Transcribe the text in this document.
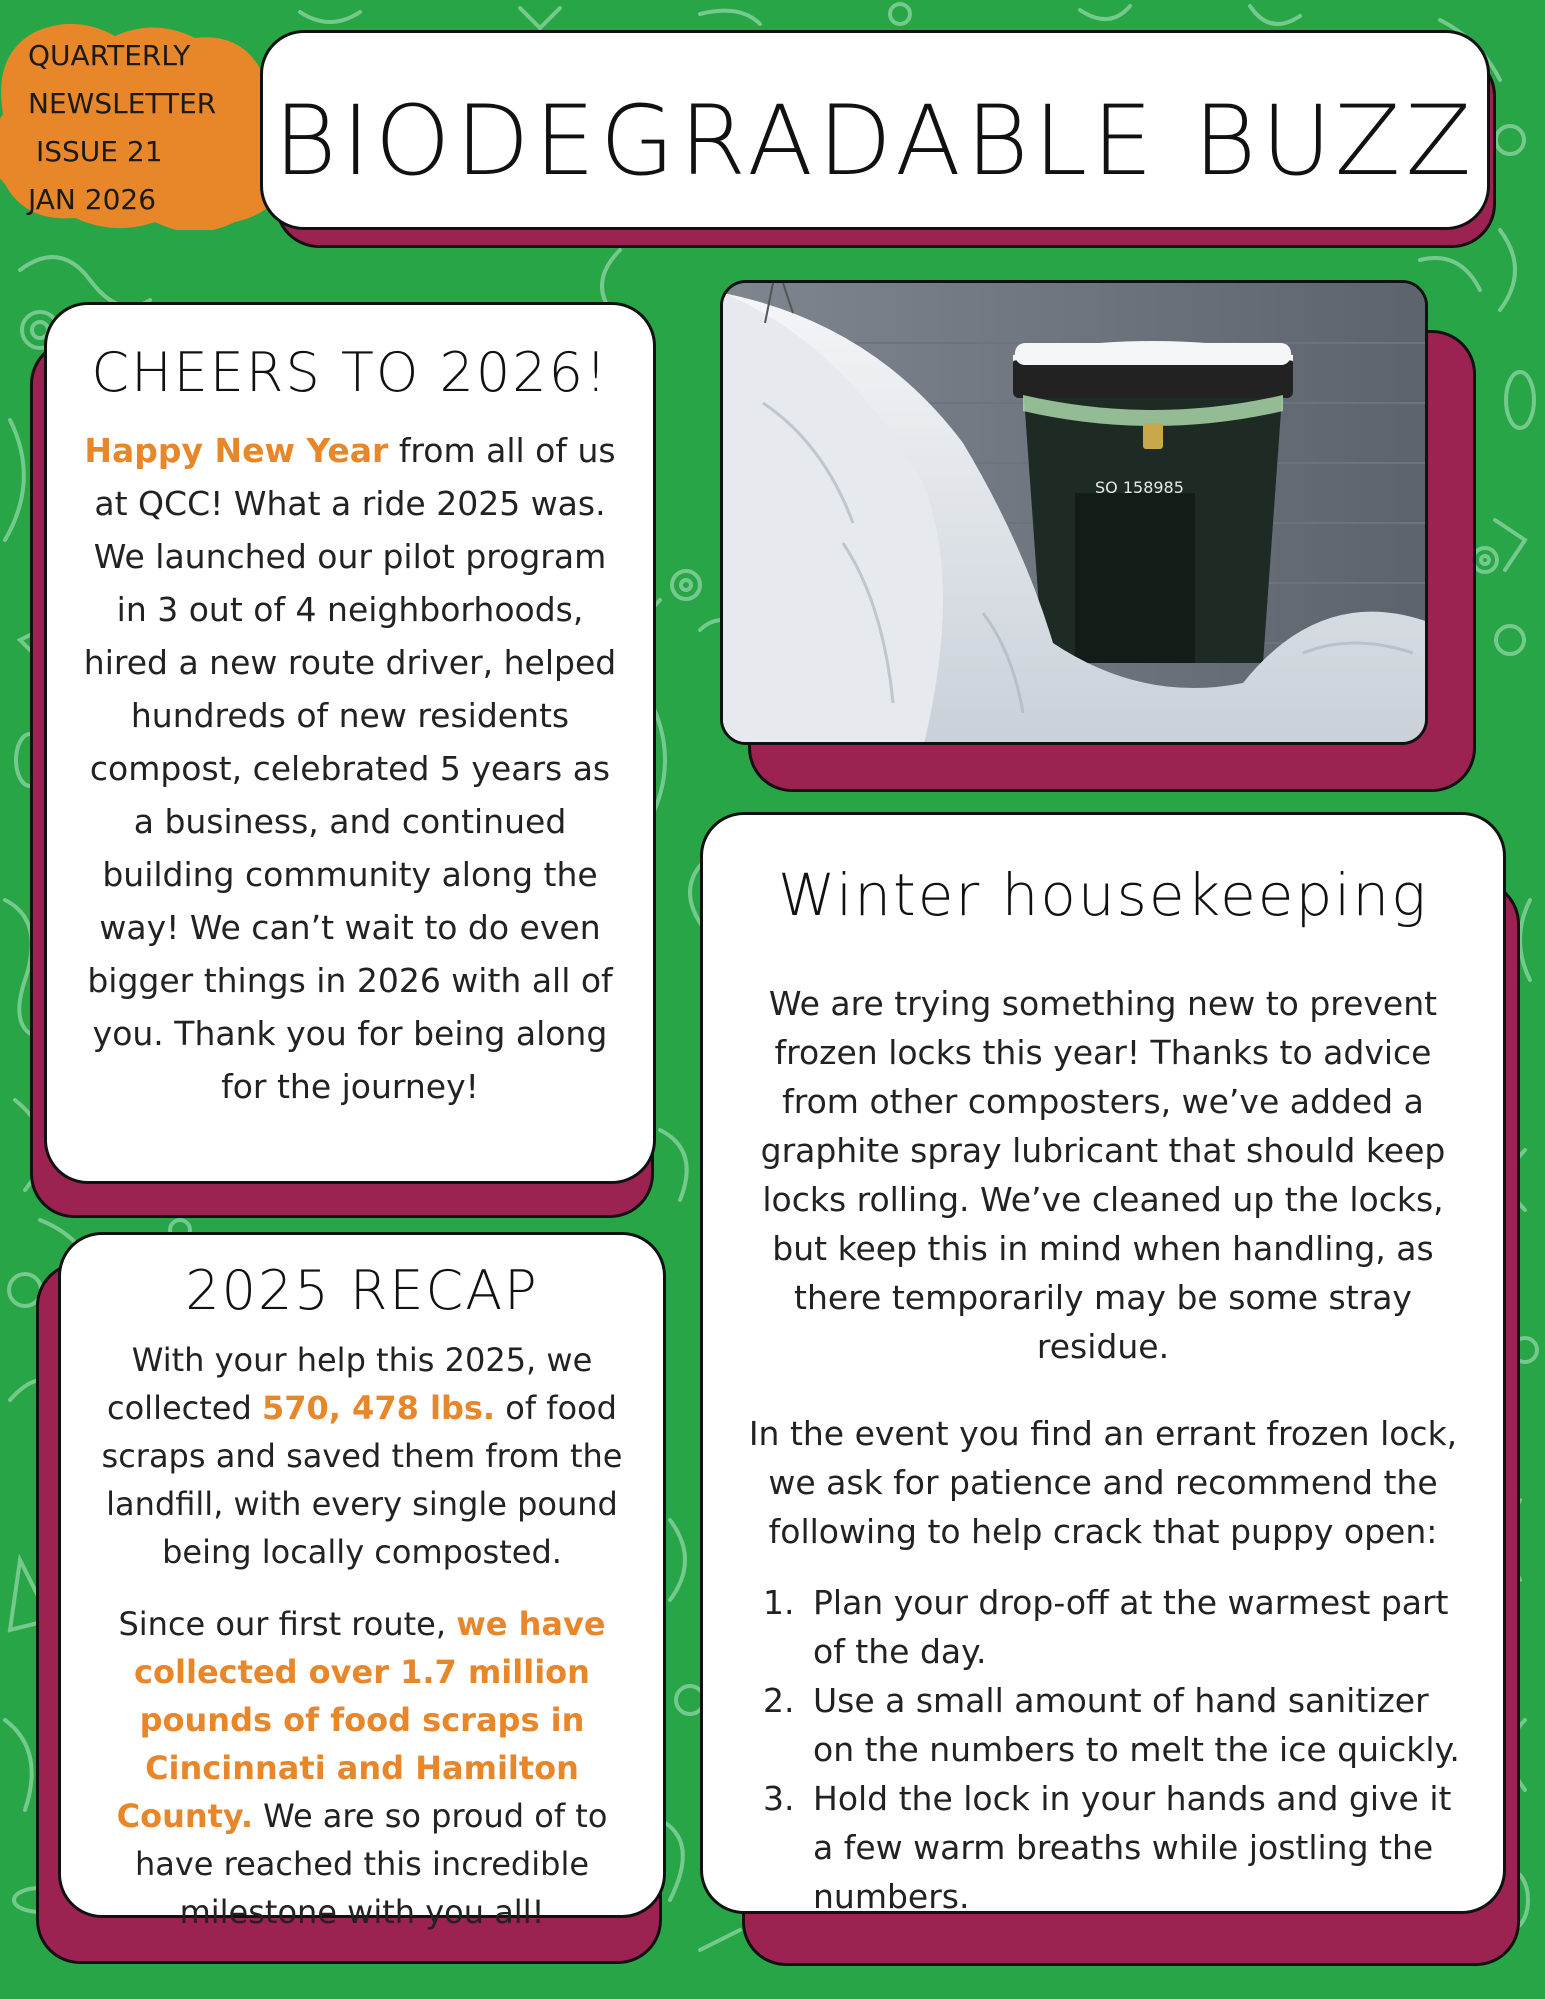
QUARTERLY
NEWSLETTER
ISSUE 21
JAN 2026
BIODEGRADABLE BUZZ
CHEERS TO 2026!
Happy New Year from all of us at QCC! What a ride 2025 was. We launched our pilot program in 3 out of 4 neighborhoods, hired a new route driver, helped hundreds of new residents compost, celebrated 5 years as a business, and continued building community along the way! We can’t wait to do even bigger things in 2026 with all of you. Thank you for being along for the journey!
SO 158985
2025 RECAP
With your help this 2025, we collected 570, 478 lbs. of food scraps and saved them from the landfill, with every single pound being locally composted.
Since our first route, we have collected over 1.7 million pounds of food scraps in Cincinnati and Hamilton County. We are so proud of to have reached this incredible milestone with you all!
Winter housekeeping
We are trying something new to prevent frozen locks this year! Thanks to advice from other composters, we’ve added a graphite spray lubricant that should keep locks rolling. We’ve cleaned up the locks, but keep this in mind when handling, as there temporarily may be some stray residue.
In the event you find an errant frozen lock, we ask for patience and recommend the following to help crack that puppy open:
1. Plan your drop-off at the warmest part of the day.
2. Use a small amount of hand sanitizer on the numbers to melt the ice quickly.
3. Hold the lock in your hands and give it a few warm breaths while jostling the numbers.
